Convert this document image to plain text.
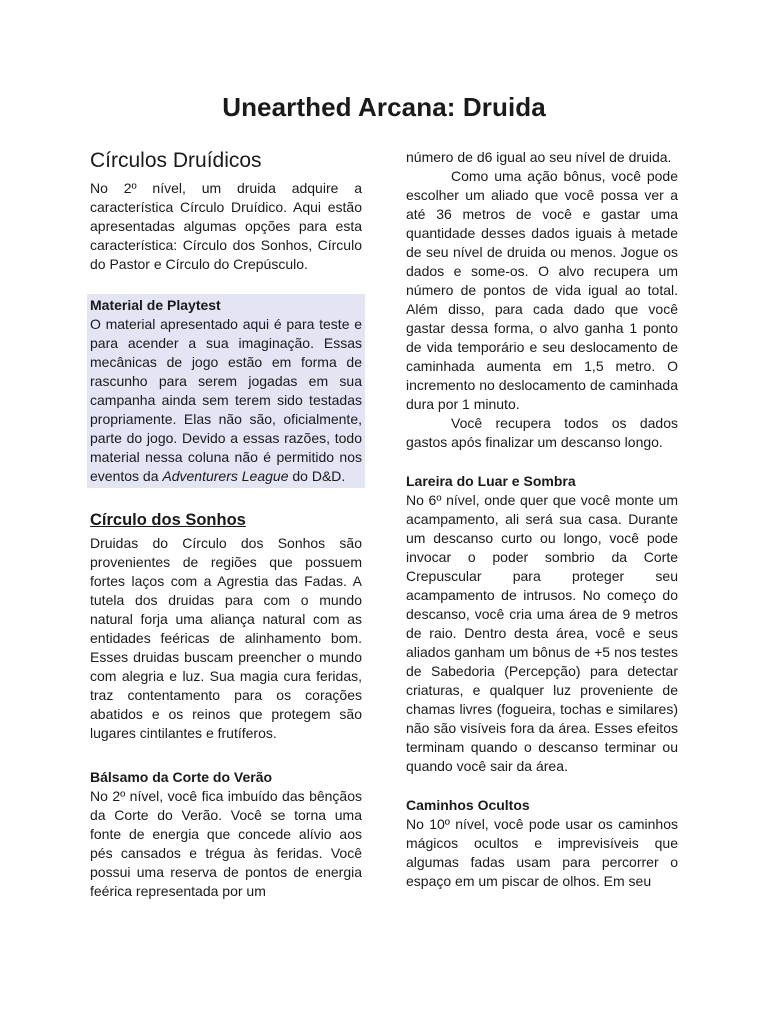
Unearthed Arcana: Druida
Círculos Druídicos

No 2º nível, um druida adquire a característica Círculo Druídico. Aqui estão apresentadas algumas opções para esta característica: Círculo dos Sonhos, Círculo do Pastor e Círculo do Crepúsculo.

Material de Playtest

O material apresentado aqui é para teste e para acender a sua imaginação. Essas mecânicas de jogo estão em forma de rascunho para serem jogadas em sua campanha ainda sem terem sido testadas propriamente. Elas não são, oficialmente, parte do jogo. Devido a essas razões, todo material nessa coluna não é permitido nos eventos da Adventurers League do D&D.

Círculo dos Sonhos

Druidas do Círculo dos Sonhos são provenientes de regiões que possuem fortes laços com a Agrestia das Fadas. A tutela dos druidas para com o mundo natural forja uma aliança natural com as entidades feéricas de alinhamento bom. Esses druidas buscam preencher o mundo com alegria e luz. Sua magia cura feridas, traz contentamento para os corações abatidos e os reinos que protegem são lugares cintilantes e frutíferos.

Bálsamo da Corte do Verão

No 2º nível, você fica imbuído das bênçãos da Corte do Verão. Você se torna uma fonte de energia que concede alívio aos pés cansados e trégua às feridas. Você possui uma reserva de pontos de energia feérica representada por um

número de d6 igual ao seu nível de druida.

Como uma ação bônus, você pode escolher um aliado que você possa ver a até 36 metros de você e gastar uma quantidade desses dados iguais à metade de seu nível de druida ou menos. Jogue os dados e some-os. O alvo recupera um número de pontos de vida igual ao total. Além disso, para cada dado que você gastar dessa forma, o alvo ganha 1 ponto de vida temporário e seu deslocamento de caminhada aumenta em 1,5 metro. O incremento no deslocamento de caminhada dura por 1 minuto.

Você recupera todos os dados gastos após finalizar um descanso longo.

Lareira do Luar e Sombra

No 6º nível, onde quer que você monte um acampamento, ali será sua casa. Durante um descanso curto ou longo, você pode invocar o poder sombrio da Corte Crepuscular para proteger seu acampamento de intrusos. No começo do descanso, você cria uma área de 9 metros de raio. Dentro desta área, você e seus aliados ganham um bônus de +5 nos testes de Sabedoria (Percepção) para detectar criaturas, e qualquer luz proveniente de chamas livres (fogueira, tochas e similares) não são visíveis fora da área. Esses efeitos terminam quando o descanso terminar ou quando você sair da área.

Caminhos Ocultos

No 10º nível, você pode usar os caminhos mágicos ocultos e imprevisíveis que algumas fadas usam para percorrer o espaço em um piscar de olhos. Em seu
